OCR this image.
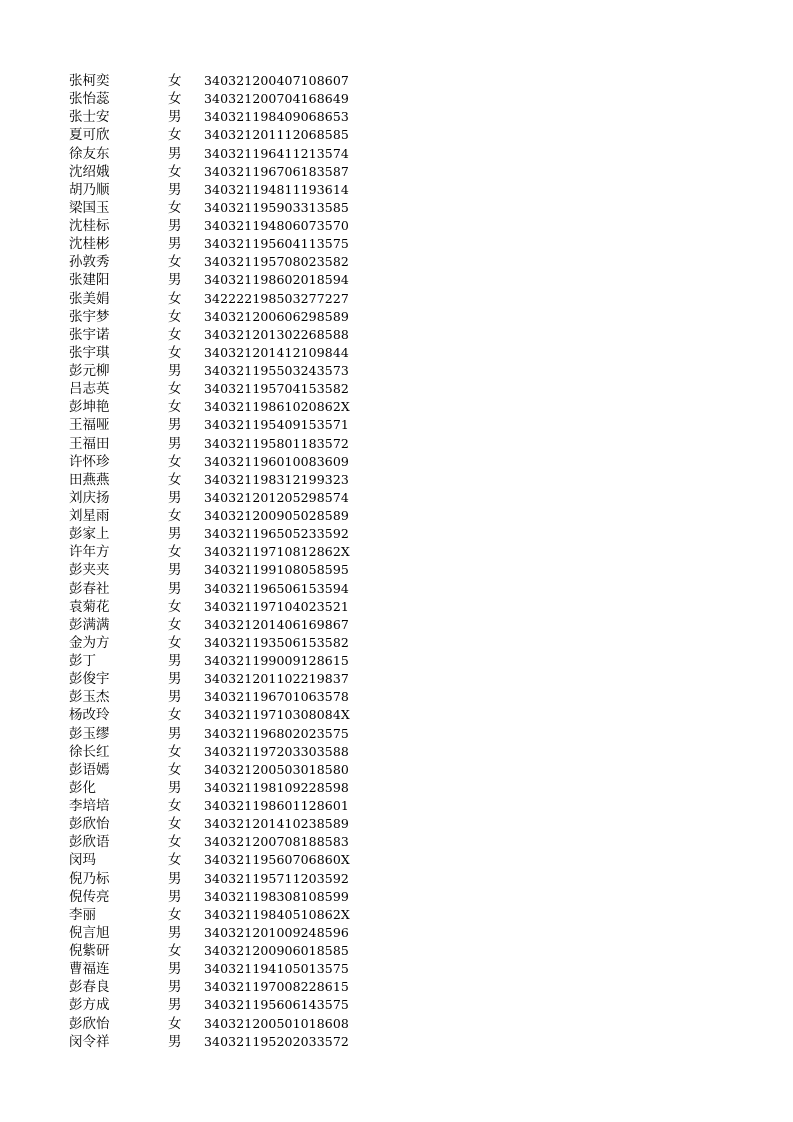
张柯奕	女	340321200407108607
张怡蕊	女	340321200704168649
张士安	男	340321198409068653
夏可欣	女	340321201112068585
徐友东	男	340321196411213574
沈绍娥	女	340321196706183587
胡乃顺	男	340321194811193614
梁国玉	女	340321195903313585
沈桂标	男	340321194806073570
沈桂彬	男	340321195604113575
孙敦秀	女	340321195708023582
张建阳	男	340321198602018594
张美娟	女	342222198503277227
张宇梦	女	340321200606298589
张宇诺	女	340321201302268588
张宇琪	女	340321201412109844
彭元柳	男	340321195503243573
吕志英	女	340321195704153582
彭坤艳	女	34032119861020862X
王福哑	男	340321195409153571
王福田	男	340321195801183572
许怀珍	女	340321196010083609
田燕燕	女	340321198312199323
刘庆扬	男	340321201205298574
刘星雨	女	340321200905028589
彭家上	男	340321196505233592
许年方	女	34032119710812862X
彭夹夹	男	340321199108058595
彭春社	男	340321196506153594
袁菊花	女	340321197104023521
彭满满	女	340321201406169867
金为方	女	340321193506153582
彭丁	男	340321199009128615
彭俊宇	男	340321201102219837
彭玉杰	男	340321196701063578
杨改玲	女	34032119710308084X
彭玉缪	男	340321196802023575
徐长红	女	340321197203303588
彭语嫣	女	340321200503018580
彭化	男	340321198109228598
李培培	女	340321198601128601
彭欣怡	女	340321201410238589
彭欣语	女	340321200708188583
闵玛	女	34032119560706860X
倪乃标	男	340321195711203592
倪传亮	男	340321198308108599
李丽	女	34032119840510862X
倪言旭	男	340321201009248596
倪紫研	女	340321200906018585
曹福连	男	340321194105013575
彭春良	男	340321197008228615
彭方成	男	340321195606143575
彭欣怡	女	340321200501018608
闵令祥	男	340321195202033572
